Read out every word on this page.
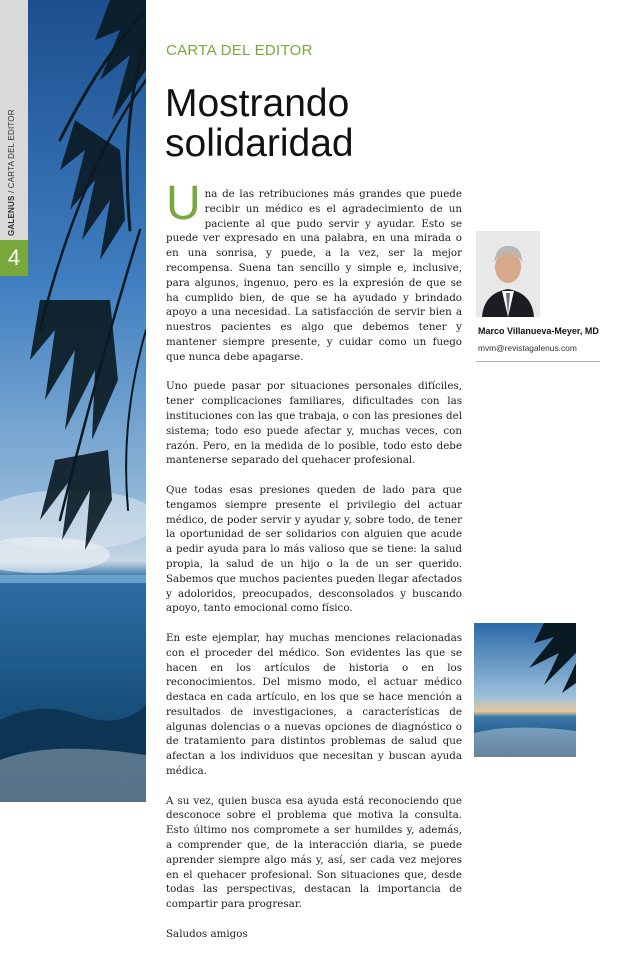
4
GALENUS / CARTA DEL EDITOR
CARTA DEL EDITOR
Mostrando solidaridad

Una de las retribuciones más grandes que puede recibir un médico es el agradecimiento de un paciente al que pudo servir y ayudar. Esto se puede ver expresado en una palabra, en una mirada o en una sonrisa, y puede, a la vez, ser la mejor recompensa. Suena tan sencillo y simple e, inclusive, para algunos, ingenuo, pero es la expresión de que se ha cumplido bien, de que se ha ayudado y brindado apoyo a una necesidad. La satisfacción de servir bien a nuestros pacientes es algo que debemos tener y mantener siempre presente, y cuidar como un fuego que nunca debe apagarse.

Uno puede pasar por situaciones personales difíciles, tener complicaciones familiares, dificultades con las instituciones con las que trabaja, o con las presiones del sistema; todo eso puede afectar y, muchas veces, con razón. Pero, en la medida de lo posible, todo esto debe mantenerse separado del quehacer profesional.

Que todas esas presiones queden de lado para que tengamos siempre presente el privilegio del actuar médico, de poder servir y ayudar y, sobre todo, de tener la oportunidad de ser solidarios con alguien que acude a pedir ayuda para lo más valioso que se tiene: la salud propia, la salud de un hijo o la de un ser querido. Sabemos que muchos pacientes pueden llegar afectados y adoloridos, preocupados, desconsolados y buscando apoyo, tanto emocional como físico.

En este ejemplar, hay muchas menciones relacionadas con el proceder del médico. Son evidentes las que se hacen en los artículos de historia o en los reconocimientos. Del mismo modo, el actuar médico destaca en cada artículo, en los que se hace mención a resultados de investigaciones, a características de algunas dolencias o a nuevas opciones de diagnóstico o de tratamiento para distintos problemas de salud que afectan a los individuos que necesitan y buscan ayuda médica.

A su vez, quien busca esa ayuda está reconociendo que desconoce sobre el problema que motiva la consulta. Esto último nos compromete a ser humildes y, además, a comprender que, de la interacción diaria, se puede aprender siempre algo más y, así, ser cada vez mejores en el quehacer profesional. Son situaciones que, desde todas las perspectivas, destacan la importancia de compartir para progresar.

Saludos amigos

Marco Villanueva-Meyer, MD
mvm@revistagalenus.com
